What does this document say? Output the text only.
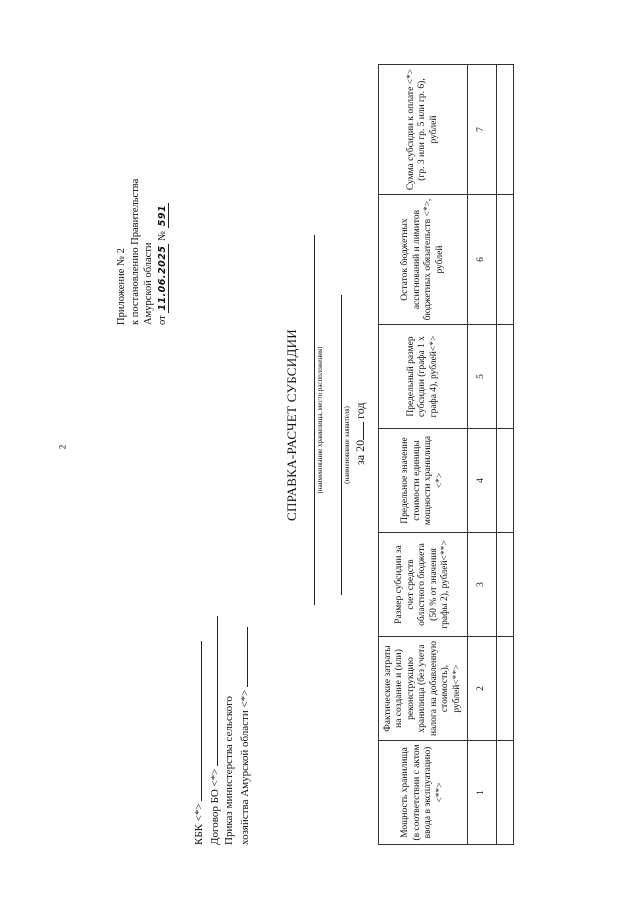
2
Приложение № 2 к постановлению Правительства Амурской области от 11.06.2025 № 591
КБК <*> Договор БО <*> Приказ министерства сельского хозяйства Амурской области <*>
СПРАВКА-РАСЧЕТ СУБСИДИИ (наименование хранилища, место расположения)	(наименование заявителя) за 20 год
Мощность хранилища (в соответствии с актом ввода в эксплуатацию) <**>	Фактические затраты на создание и (или) реконструкцию хранилища (без учета налога на добавленную стоимость), рублей<**>	Размер субсидии за счет средств областного бюджета (50 % от значения графы 2), рублей<**>	Предельное значение стоимости единицы мощности хранилища <*>	Предельный размер субсидии (графа 1 x графа 4), рублей<*>	Остаток бюджетных ассигнований и лимитов бюджетных обязательств <*>, рублей	Сумма субсидии к оплате <*> (гр. 3 или гр. 5 или гр. 6), рублей
1	2	3	4	5	6	7
